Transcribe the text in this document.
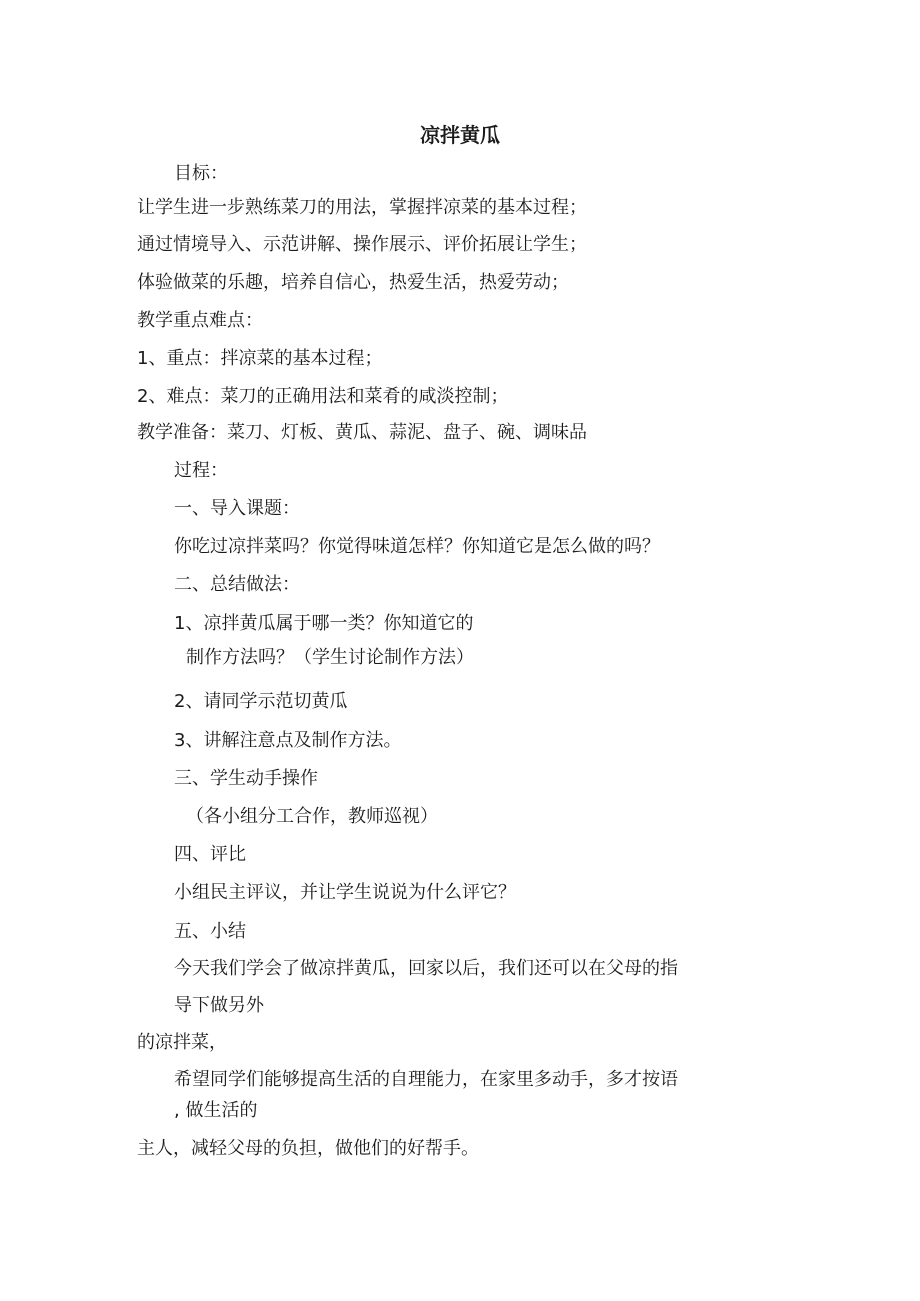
凉拌黄瓜
目标：
让学生进一步熟练菜刀的用法，掌握拌凉菜的基本过程；
通过情境导入、示范讲解、操作展示、评价拓展让学生；
体验做菜的乐趣，培养自信心，热爱生活，热爱劳动；
教学重点难点：
1、重点：拌凉菜的基本过程；
2、难点：菜刀的正确用法和菜肴的咸淡控制；
教学准备：菜刀、灯板、黄瓜、蒜泥、盘子、碗、调味品
过程：
一、导入课题：
你吃过凉拌菜吗？你觉得味道怎样？你知道它是怎么做的吗？
二、总结做法：
1、凉拌黄瓜属于哪一类？你知道它的
制作方法吗？（学生讨论制作方法）
2、请同学示范切黄瓜
3、讲解注意点及制作方法。
三、学生动手操作
（各小组分工合作，教师巡视）
四、评比
小组民主评议，并让学生说说为什么评它？
五、小结
今天我们学会了做凉拌黄瓜，回家以后，我们还可以在父母的指
导下做另外
的凉拌菜，
希望同学们能够提高生活的自理能力，在家里多动手，多才按语
, 做生活的
主人，减轻父母的负担，做他们的好帮手。
